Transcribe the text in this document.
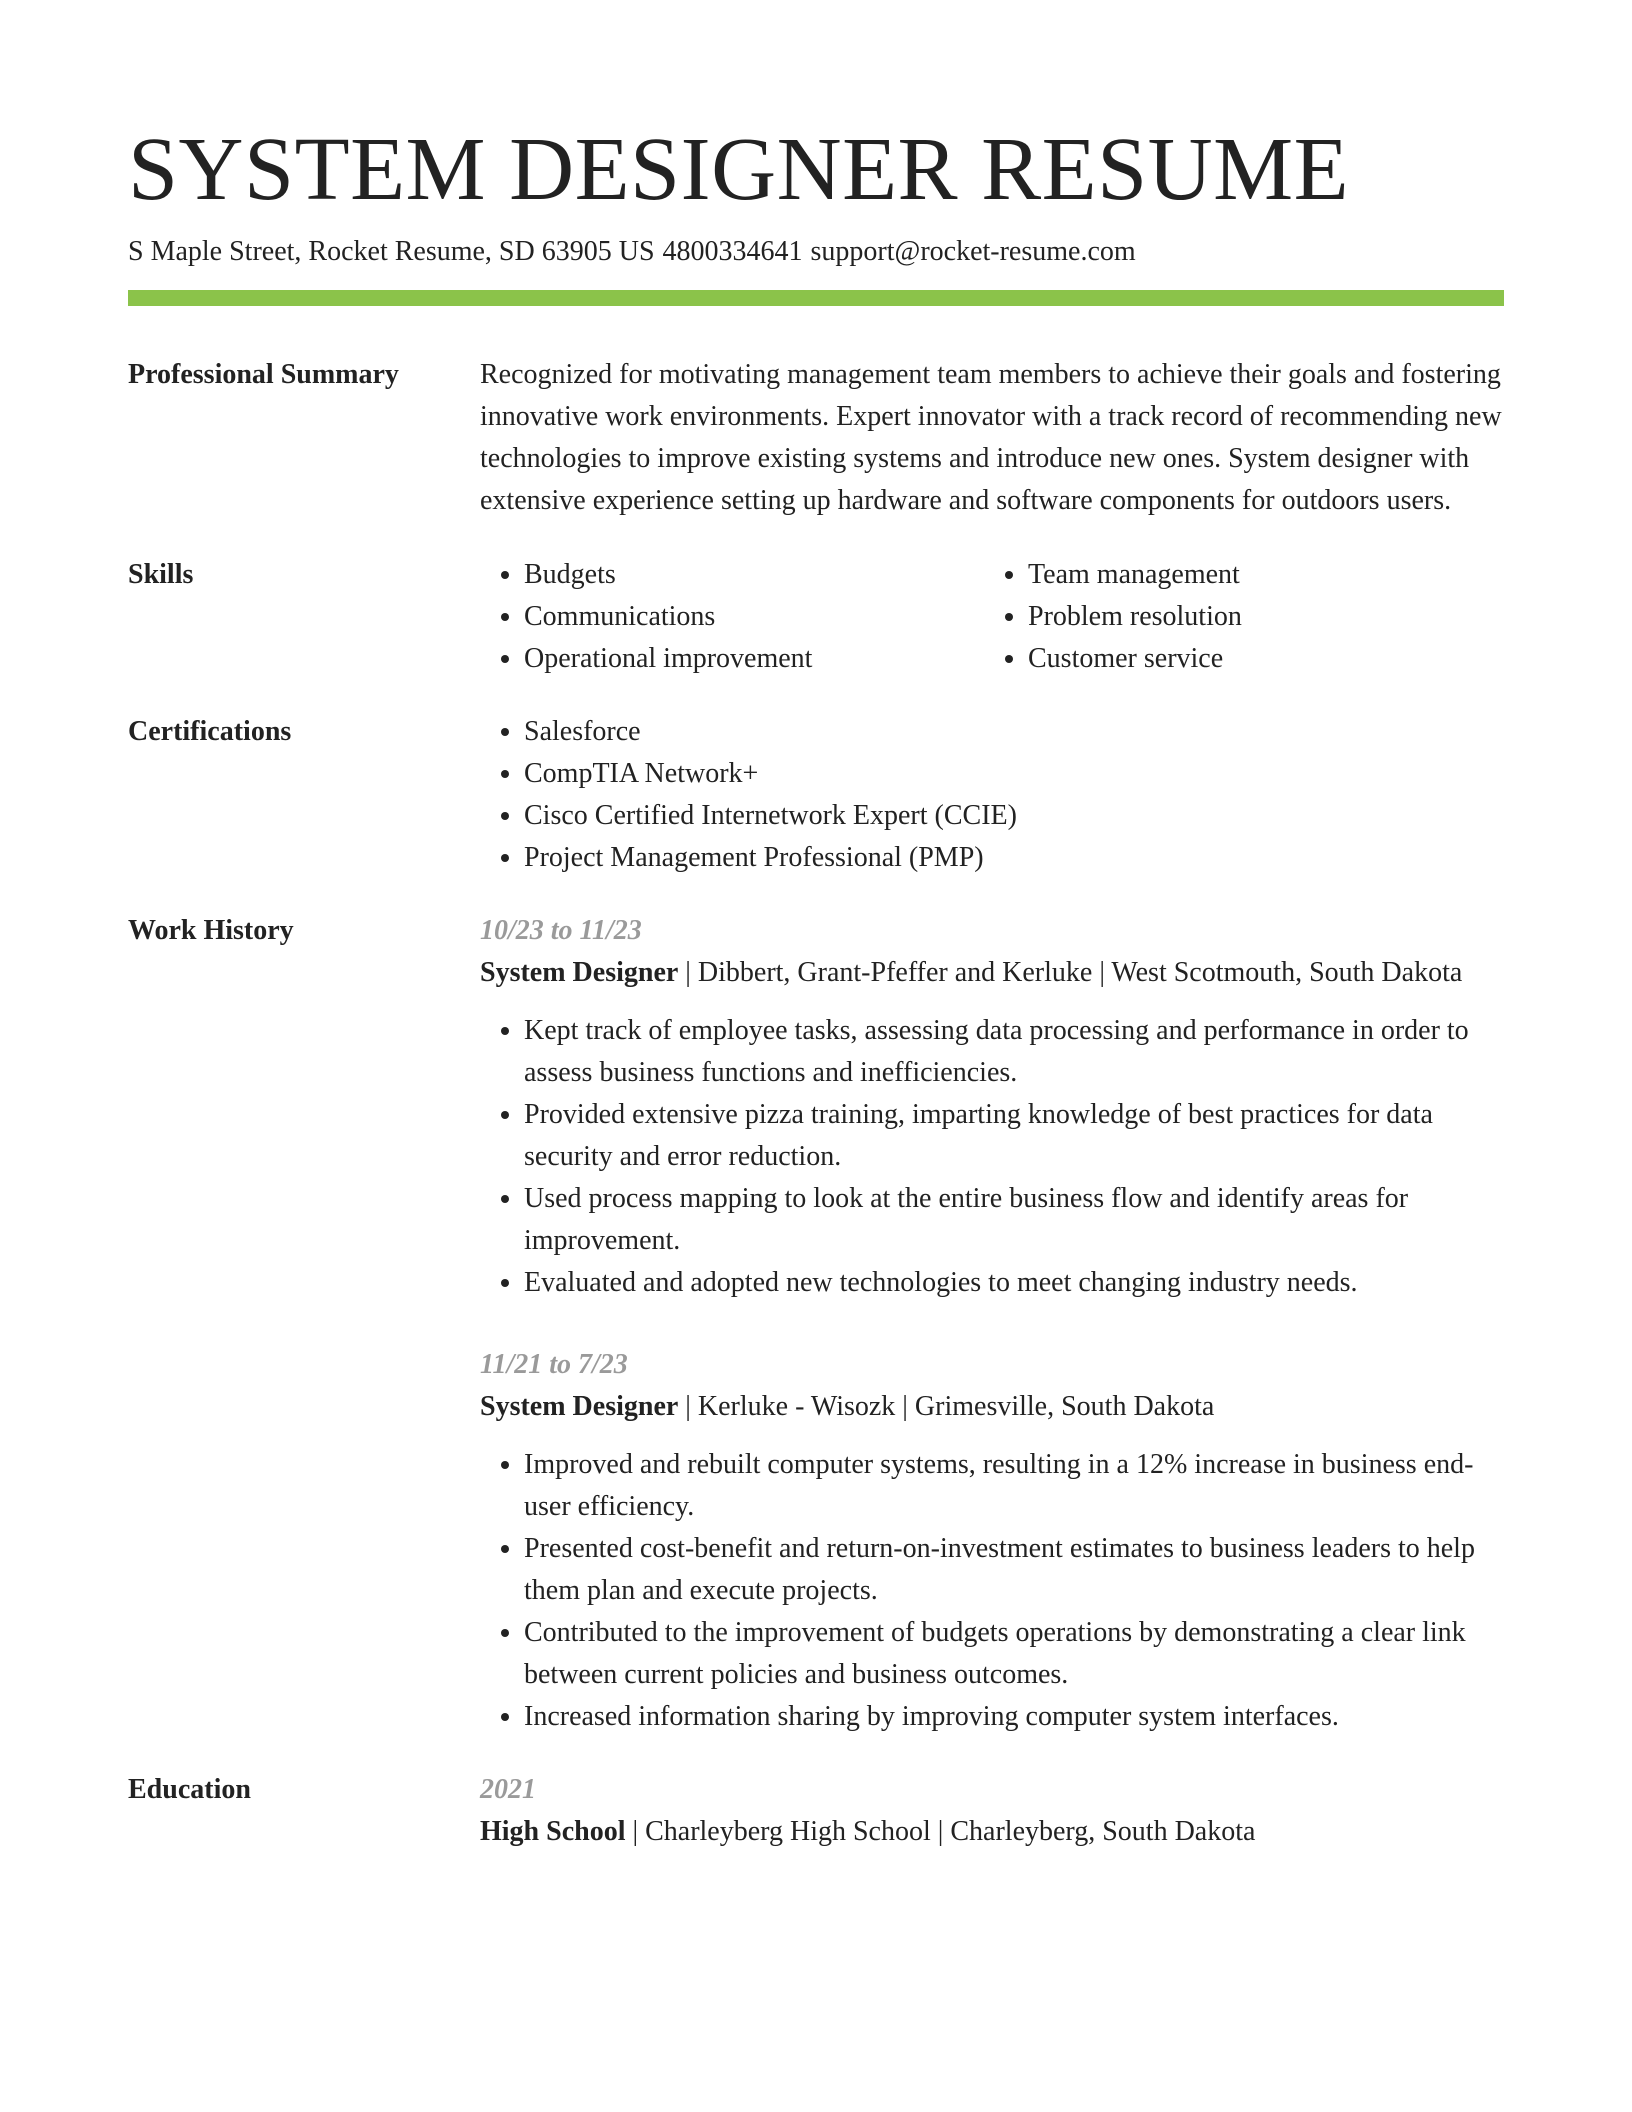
SYSTEM DESIGNER RESUME
S Maple Street, Rocket Resume, SD 63905 US 4800334641 support@rocket-resume.com
Professional Summary	Recognized for motivating management team members to achieve their goals and fostering innovative work environments. Expert innovator with a track record of recommending new technologies to improve existing systems and introduce new ones. System designer with extensive experience setting up hardware and software components for outdoors users.
Skills	• Budgets
• Communications
• Operational improvement
• Team management
• Problem resolution
• Customer service
Certifications	• Salesforce
• CompTIA Network+
• Cisco Certified Internetwork Expert (CCIE)
• Project Management Professional (PMP)
Work History	10/23 to 11/23
System Designer | Dibbert, Grant-Pfeffer and Kerluke | West Scotmouth, South Dakota
• Kept track of employee tasks, assessing data processing and performance in order to assess business functions and inefficiencies.
• Provided extensive pizza training, imparting knowledge of best practices for data security and error reduction.
• Used process mapping to look at the entire business flow and identify areas for improvement.
• Evaluated and adopted new technologies to meet changing industry needs.
11/21 to 7/23
System Designer | Kerluke - Wisozk | Grimesville, South Dakota
• Improved and rebuilt computer systems, resulting in a 12% increase in business end-user efficiency.
• Presented cost-benefit and return-on-investment estimates to business leaders to help them plan and execute projects.
• Contributed to the improvement of budgets operations by demonstrating a clear link between current policies and business outcomes.
• Increased information sharing by improving computer system interfaces.
Education	2021
High School | Charleyberg High School | Charleyberg, South Dakota
